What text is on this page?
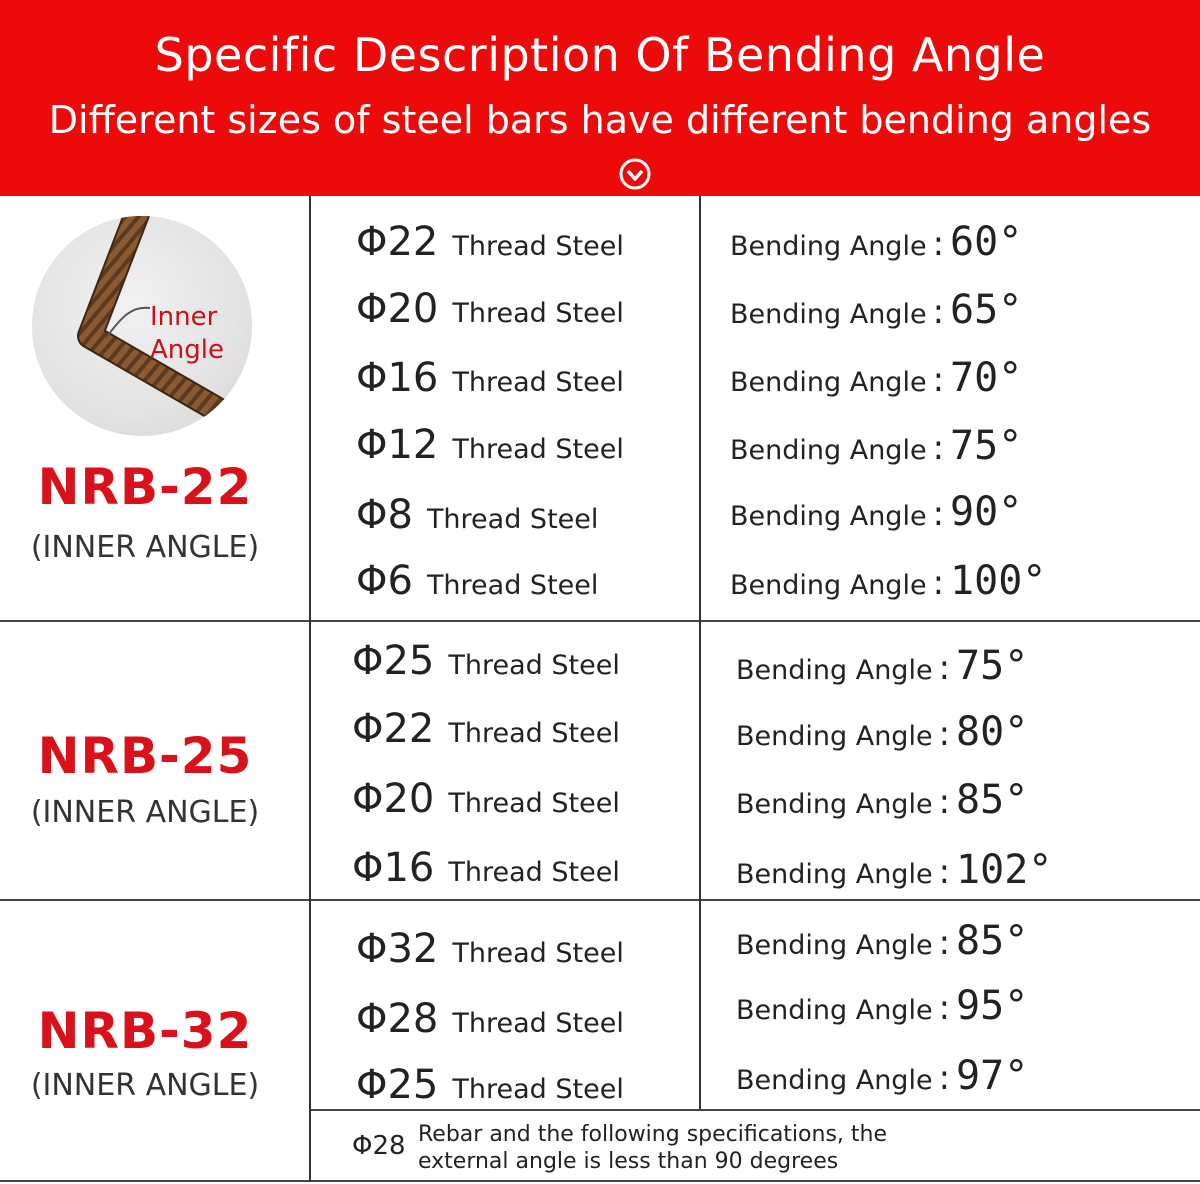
Specific Description Of Bending Angle
Different sizes of steel bars have different bending angles
Inner
Angle
NRB-22
(INNER ANGLE)
NRB-25
(INNER ANGLE)
NRB-32
(INNER ANGLE)
Φ22 Thread Steel	Bending Angle : 60°
Φ20 Thread Steel	Bending Angle : 65°
Φ16 Thread Steel	Bending Angle : 70°
Φ12 Thread Steel	Bending Angle : 75°
Φ8 Thread Steel	Bending Angle : 90°
Φ6 Thread Steel	Bending Angle : 100°
Φ25 Thread Steel	Bending Angle : 75°
Φ22 Thread Steel	Bending Angle : 80°
Φ20 Thread Steel	Bending Angle : 85°
Φ16 Thread Steel	Bending Angle : 102°
Φ32 Thread Steel	Bending Angle : 85°
Φ28 Thread Steel	Bending Angle : 95°
Φ25 Thread Steel	Bending Angle : 97°
Φ28 Rebar and the following specifications, the
external angle is less than 90 degrees
